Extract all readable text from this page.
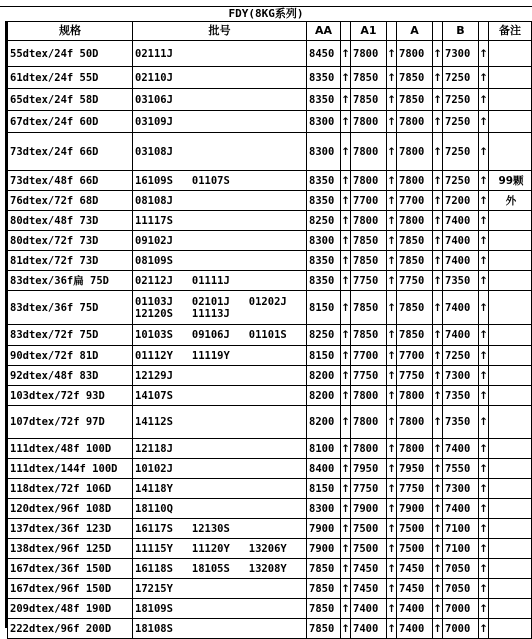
FDY(8KG系列)
规格	批号	AA		A1		A		B		备注
55dtex/24f 50D	02111J	8450	↑	7800	↑	7800	↑	7300	↑	
61dtex/24f 55D	02110J	8350	↑	7850	↑	7850	↑	7250	↑	
65dtex/24f 58D	03106J	8350	↑	7850	↑	7850	↑	7250	↑	
67dtex/24f 60D	03109J	8300	↑	7800	↑	7800	↑	7250	↑	
73dtex/24f 66D	03108J	8300	↑	7800	↑	7800	↑	7250	↑	
73dtex/48f 66D	16109S   01107S	8350	↑	7800	↑	7800	↑	7250	↑	99颗
76dtex/72f 68D	08108J	8350	↑	7700	↑	7700	↑	7200	↑	外
80dtex/48f 73D	11117S	8250	↑	7800	↑	7800	↑	7400	↑	
80dtex/72f 73D	09102J	8300	↑	7850	↑	7850	↑	7400	↑	
81dtex/72f 73D	08109S	8350	↑	7850	↑	7850	↑	7400	↑	
83dtex/36f扁 75D	02112J   01111J	8350	↑	7750	↑	7750	↑	7350	↑	
83dtex/36f 75D	01103J   02101J   01202J
12120S   11113J	8150	↑	7850	↑	7850	↑	7400	↑	
83dtex/72f 75D	10103S   09106J   01101S	8250	↑	7850	↑	7850	↑	7400	↑	
90dtex/72f 81D	01112Y   11119Y	8150	↑	7700	↑	7700	↑	7250	↑	
92dtex/48f 83D	12129J	8200	↑	7750	↑	7750	↑	7300	↑	
103dtex/72f 93D	14107S	8200	↑	7800	↑	7800	↑	7350	↑	
107dtex/72f 97D	14112S	8200	↑	7800	↑	7800	↑	7350	↑	
111dtex/48f 100D	12118J	8100	↑	7800	↑	7800	↑	7400	↑	
111dtex/144f 100D	10102J	8400	↑	7950	↑	7950	↑	7550	↑	
118dtex/72f 106D	14118Y	8150	↑	7750	↑	7750	↑	7300	↑	
120dtex/96f 108D	18110Q	8300	↑	7900	↑	7900	↑	7400	↑	
137dtex/36f 123D	16117S   12130S	7900	↑	7500	↑	7500	↑	7100	↑	
138dtex/96f 125D	11115Y   11120Y   13206Y	7900	↑	7500	↑	7500	↑	7100	↑	
167dtex/36f 150D	16118S   18105S   13208Y	7850	↑	7450	↑	7450	↑	7050	↑	
167dtex/96f 150D	17215Y	7850	↑	7450	↑	7450	↑	7050	↑	
209dtex/48f 190D	18109S	7850	↑	7400	↑	7400	↑	7000	↑	
222dtex/96f 200D	18108S	7850	↑	7400	↑	7400	↑	7000	↑	
